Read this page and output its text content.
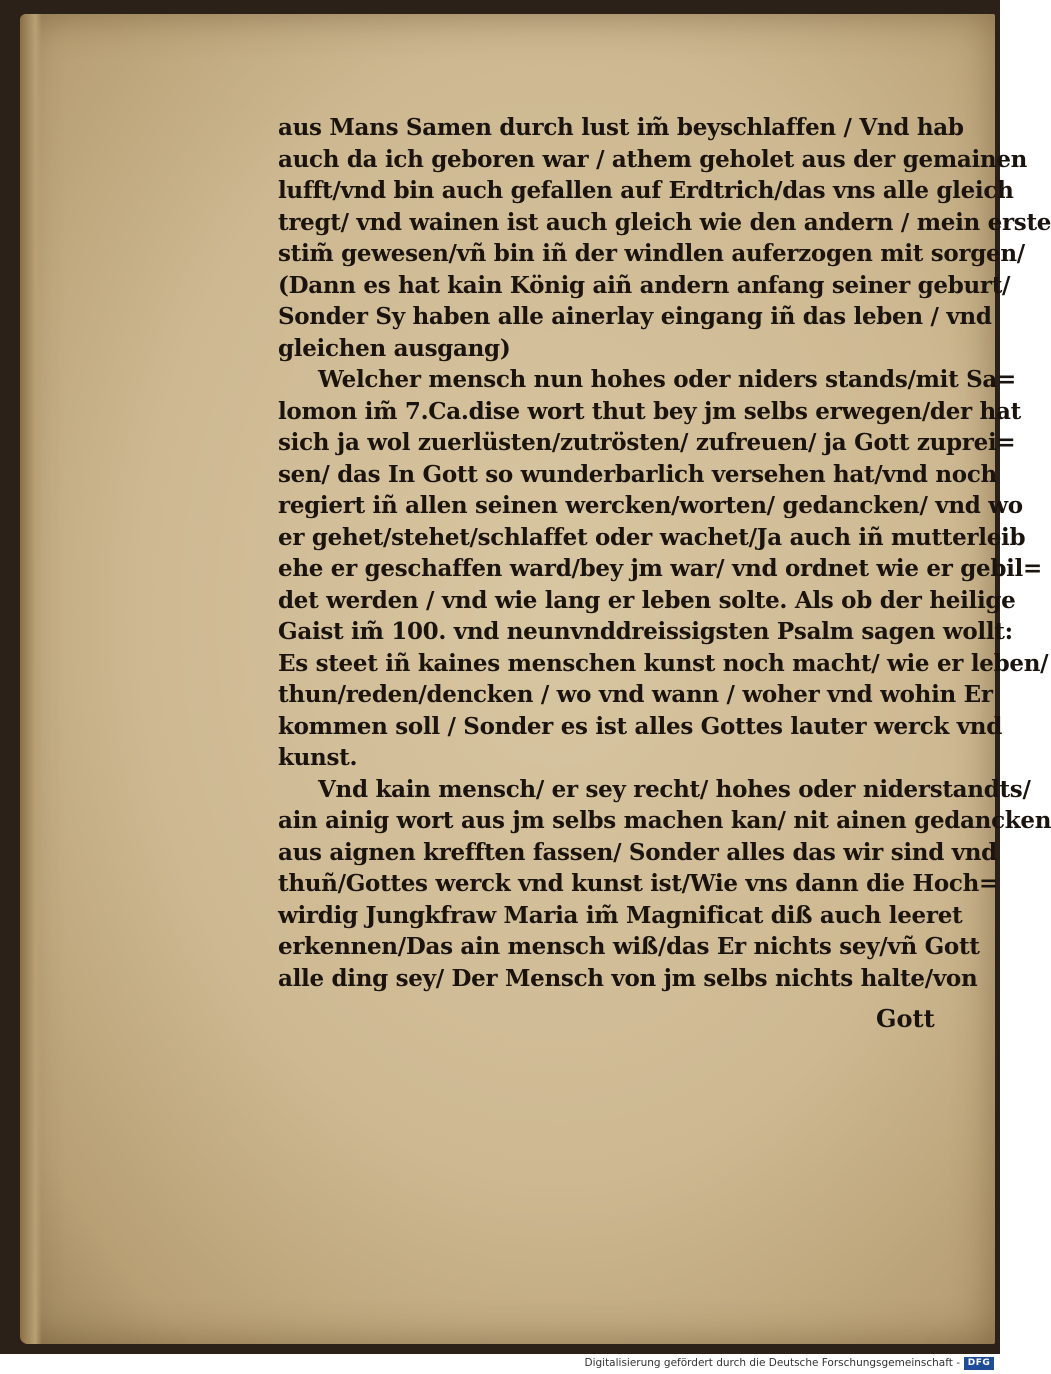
aus Mans Samen durch lust im̃ beyschlaffen / Vnd hab
auch da ich geboren war / athem geholet aus der gemainen
lufft/vnd bin auch gefallen auf Erdtrich/das vns alle gleich
tregt/ vnd wainen ist auch gleich wie den andern / mein erste
stim̃ gewesen/vñ bin iñ der windlen auferzogen mit sorgen/
(Dann es hat kain König aiñ andern anfang seiner geburt/
Sonder Sy haben alle ainerlay eingang iñ das leben / vnd
gleichen ausgang)
Welcher mensch nun hohes oder niders stands/mit Sa=
lomon im̃ 7.Ca.dise wort thut bey jm selbs erwegen/der hat
sich ja wol zuerlüsten/zutrösten/ zufreuen/ ja Gott zuprei=
sen/ das In Gott so wunderbarlich versehen hat/vnd noch
regiert iñ allen seinen wercken/worten/ gedancken/ vnd wo
er gehet/stehet/schlaffet oder wachet/Ja auch iñ mutterleib
ehe er geschaffen ward/bey jm war/ vnd ordnet wie er gebil=
det werden / vnd wie lang er leben solte. Als ob der heilige
Gaist im̃ 100. vnd neunvnddreissigsten Psalm sagen wollt:
Es steet iñ kaines menschen kunst noch macht/ wie er leben/
thun/reden/dencken / wo vnd wann / woher vnd wohin Er
kommen soll / Sonder es ist alles Gottes lauter werck vnd
kunst.
Vnd kain mensch/ er sey recht/ hohes oder niderstandts/
ain ainig wort aus jm selbs machen kan/ nit ainen gedancken
aus aignen krefften fassen/ Sonder alles das wir sind vnd
thuñ/Gottes werck vnd kunst ist/Wie vns dann die Hoch=
wirdig Jungkfraw Maria im̃ Magnificat diß auch leeret
erkennen/Das ain mensch wiß/das Er nichts sey/vñ Gott
alle ding sey/ Der Mensch von jm selbs nichts halte/von
Gott
Digitalisierung gefördert durch die Deutsche Forschungsgemeinschaft - DFG
